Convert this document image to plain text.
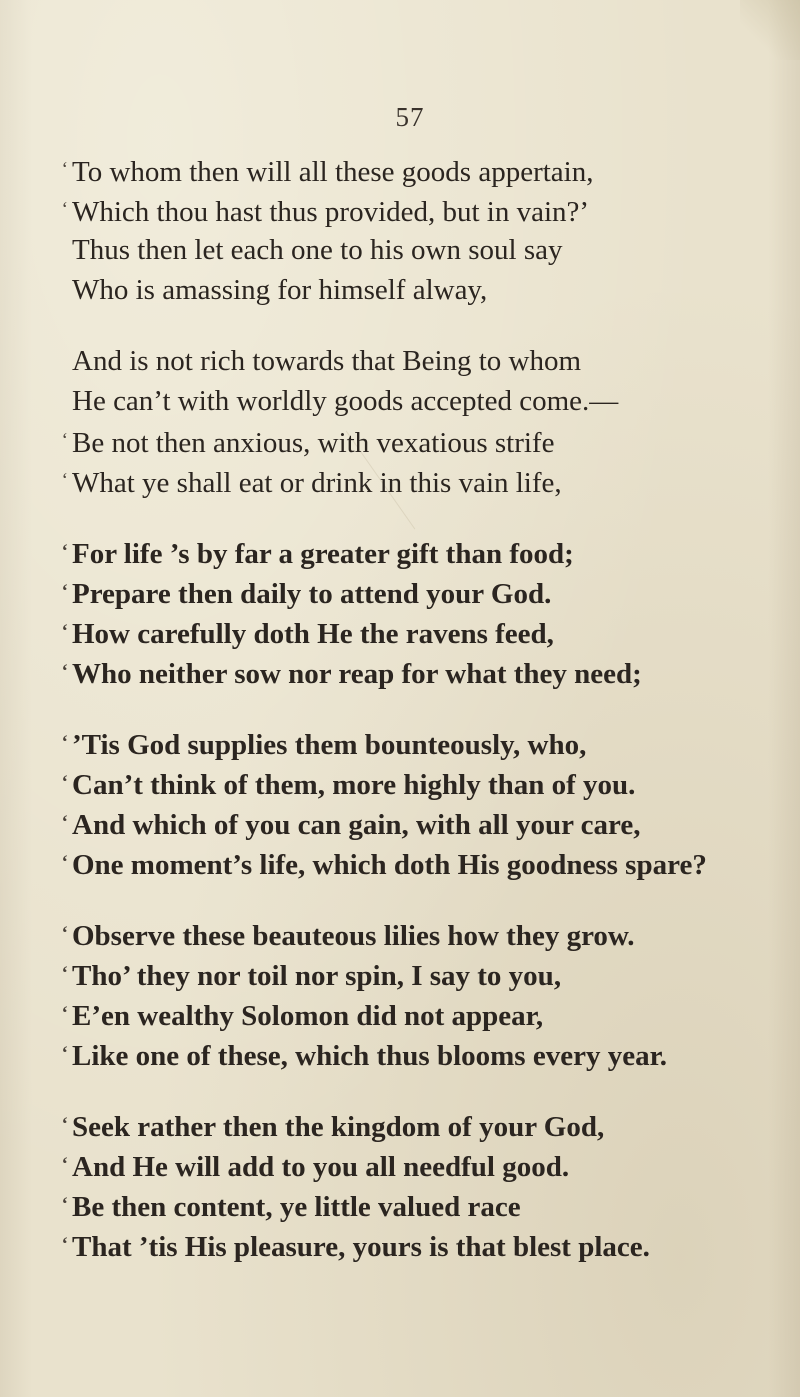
57
‘ To whom then will all these goods appertain,
‘ Which thou hast thus provided, but in vain?’
Thus then let each one to his own soul say
Who is amassing for himself alway,
And is not rich towards that Being to whom
He can’t with worldly goods accepted come.—
‘ Be not then anxious, with vexatious strife
‘ What ye shall eat or drink in this vain life,
‘ For life ’s by far a greater gift than food;
‘ Prepare then daily to attend your God.
‘ How carefully doth He the ravens feed,
‘ Who neither sow nor reap for what they need;
‘ ’Tis God supplies them bounteously, who,
‘ Can’t think of them, more highly than of you.
‘ And which of you can gain, with all your care,
‘ One moment’s life, which doth His goodness spare?
‘ Observe these beauteous lilies how they grow.
‘ Tho’ they nor toil nor spin, I say to you,
‘ E’en wealthy Solomon did not appear,
‘ Like one of these, which thus blooms every year.
‘ Seek rather then the kingdom of your God,
‘ And He will add to you all needful good.
‘ Be then content, ye little valued race
‘ That ’tis His pleasure, yours is that blest place.
